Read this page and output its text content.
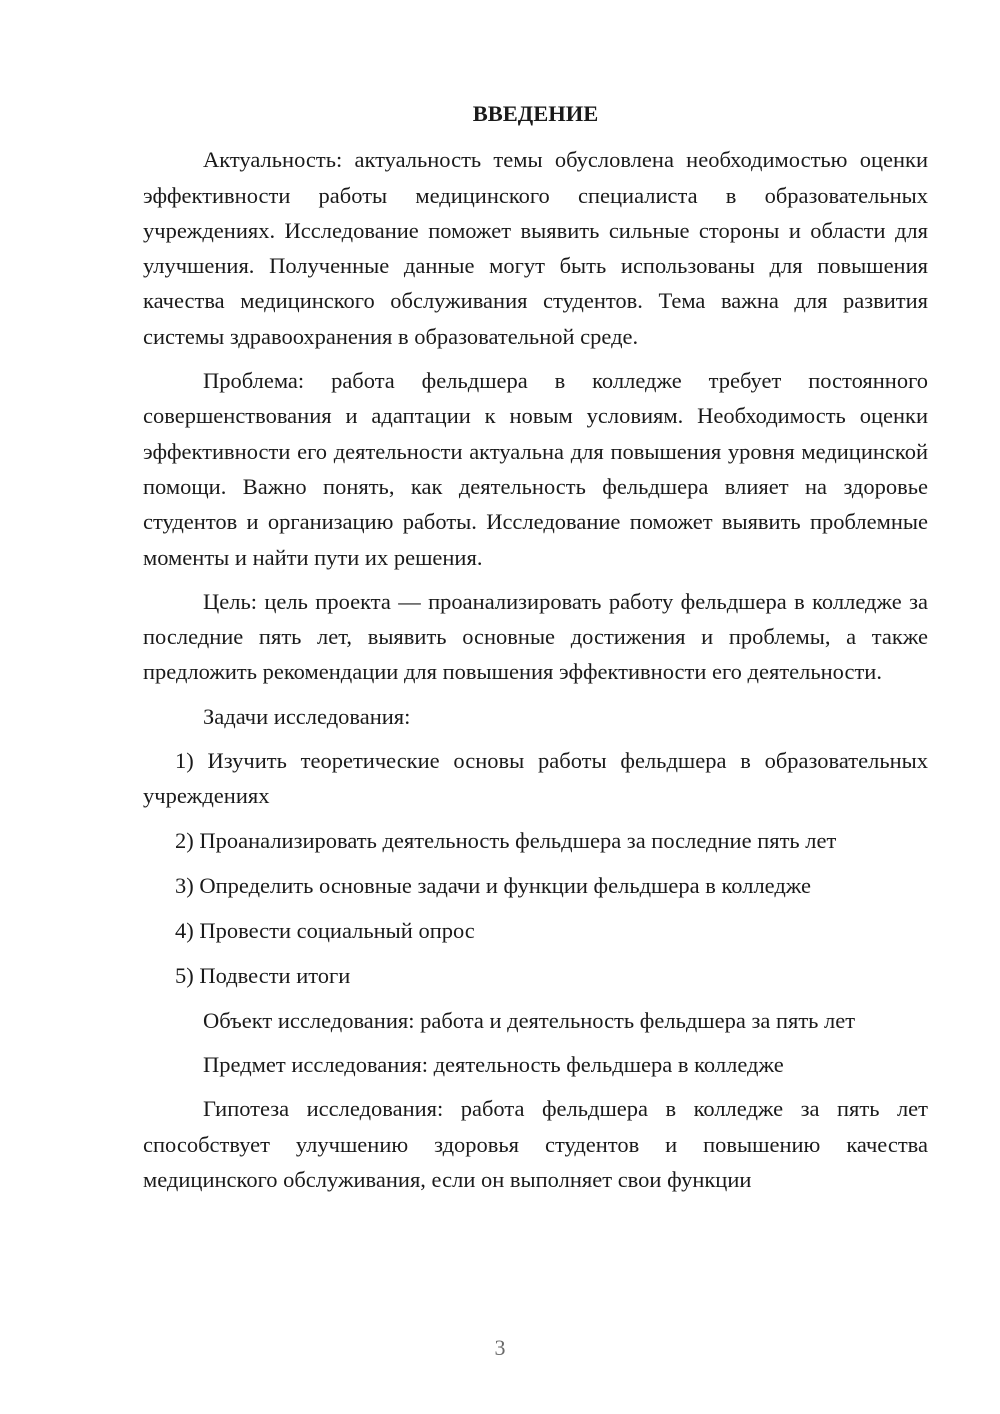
ВВЕДЕНИЕ

Актуальность: актуальность темы обусловлена необходимостью оценки эффективности работы медицинского специалиста в образовательных учреждениях. Исследование поможет выявить сильные стороны и области для улучшения. Полученные данные могут быть использованы для повышения качества медицинского обслуживания студентов. Тема важна для развития системы здравоохранения в образовательной среде.

Проблема: работа фельдшера в колледже требует постоянного совершенствования и адаптации к новым условиям. Необходимость оценки эффективности его деятельности актуальна для повышения уровня медицинской помощи. Важно понять, как деятельность фельдшера влияет на здоровье студентов и организацию работы. Исследование поможет выявить проблемные моменты и найти пути их решения.

Цель: цель проекта — проанализировать работу фельдшера в колледже за последние пять лет, выявить основные достижения и проблемы, а также предложить рекомендации для повышения эффективности его деятельности.

Задачи исследования:

1) Изучить теоретические основы работы фельдшера в образовательных учреждениях

2) Проанализировать деятельность фельдшера за последние пять лет

3) Определить основные задачи и функции фельдшера в колледже

4) Провести социальный опрос

5) Подвести итоги

Объект исследования: работа и деятельность фельдшера за пять лет

Предмет исследования: деятельность фельдшера в колледже

Гипотеза исследования: работа фельдшера в колледже за пять лет способствует улучшению здоровья студентов и повышению качества медицинского обслуживания, если он выполняет свои функции

3
